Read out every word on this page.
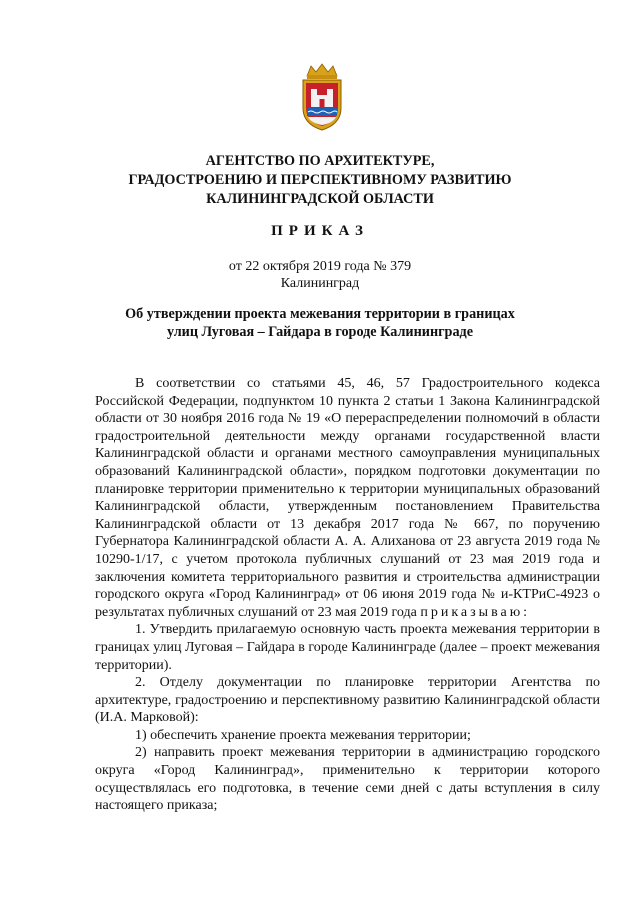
АГЕНТСТВО ПО АРХИТЕКТУРЕ,
ГРАДОСТРОЕНИЮ И ПЕРСПЕКТИВНОМУ РАЗВИТИЮ
КАЛИНИНГРАДСКОЙ ОБЛАСТИ
ПРИКАЗ
от 22 октября 2019 года № 379
Калининград
Об утверждении проекта межевания территории в границах
улиц Луговая – Гайдара в городе Калининграде

В соответствии со статьями 45, 46, 57 Градостроительного кодекса Российской Федерации, подпунктом 10 пункта 2 статьи 1 Закона Калининградской области от 30 ноября 2016 года № 19 «О перераспределении полномочий в области градостроительной деятельности между органами государственной власти Калининградской области и органами местного самоуправления муниципальных образований Калининградской области», порядком подготовки документации по планировке территории применительно к территории муниципальных образований Калининградской области, утвержденным постановлением Правительства Калининградской области от 13 декабря 2017 года № 667, по поручению Губернатора Калининградской области А. А. Алиханова от 23 августа 2019 года № 10290-1/17, с учетом протокола публичных слушаний от 23 мая 2019 года и заключения комитета территориального развития и строительства администрации городского округа «Город Калининград» от 06 июня 2019 года № и-КТРиС-4923 о результатах публичных слушаний от 23 мая 2019 года приказываю:

1. Утвердить прилагаемую основную часть проекта межевания территории в границах улиц Луговая – Гайдара в городе Калининграде (далее – проект межевания территории).

2. Отделу документации по планировке территории Агентства по архитектуре, градостроению и перспективному развитию Калининградской области (И.А. Марковой):

1) обеспечить хранение проекта межевания территории;

2) направить проект межевания территории в администрацию городского округа «Город Калининград», применительно к территории которого осуществлялась его подготовка, в течение семи дней с даты вступления в силу настоящего приказа;
